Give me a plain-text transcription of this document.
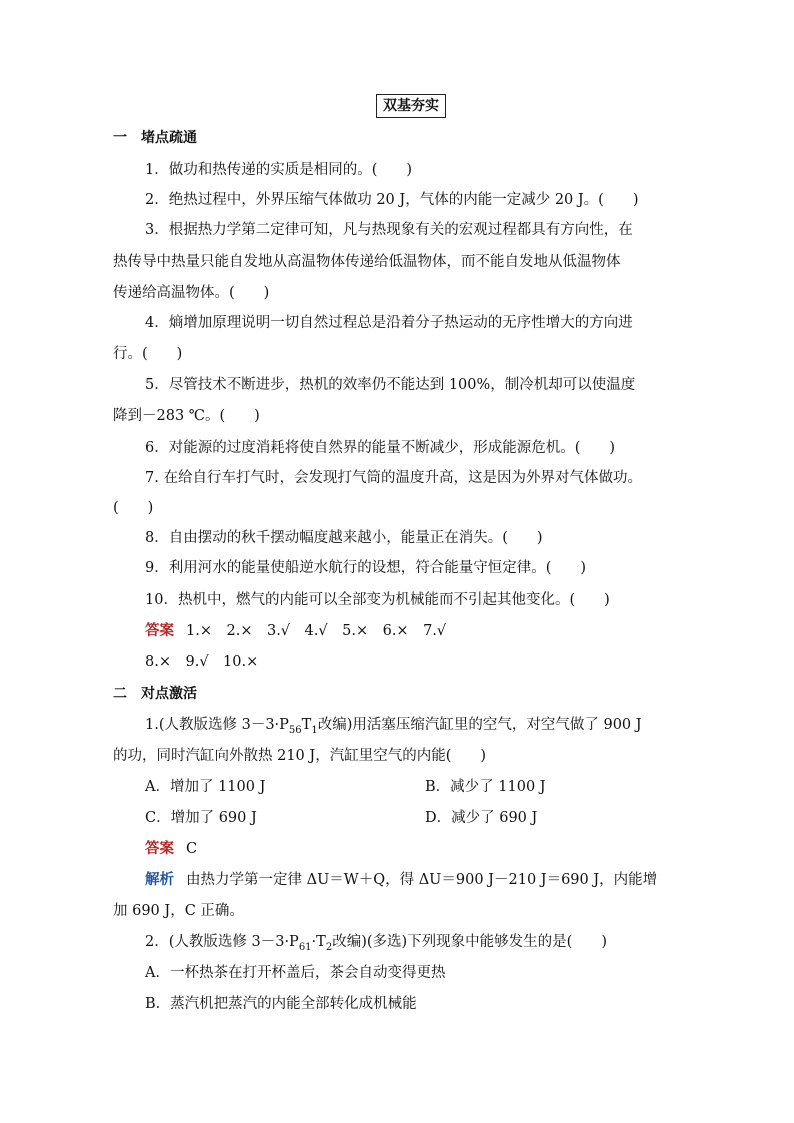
双基夯实
一　堵点疏通
1．做功和热传递的实质是相同的。(　　)
2．绝热过程中，外界压缩气体做功 20 J，气体的内能一定减少 20 J。(　　)
3．根据热力学第二定律可知，凡与热现象有关的宏观过程都具有方向性，在
热传导中热量只能自发地从高温物体传递给低温物体，而不能自发地从低温物体
传递给高温物体。(　　)
4．熵增加原理说明一切自然过程总是沿着分子热运动的无序性增大的方向进
行。(　　)
5．尽管技术不断进步，热机的效率仍不能达到 100%，制冷机却可以使温度
降到－283 ℃。(　　)
6．对能源的过度消耗将使自然界的能量不断减少，形成能源危机。(　　)
7. 在给自行车打气时，会发现打气筒的温度升高，这是因为外界对气体做功。
(　　)
8．自由摆动的秋千摆动幅度越来越小，能量正在消失。(　　)
9．利用河水的能量使船逆水航行的设想，符合能量守恒定律。(　　)
10．热机中，燃气的内能可以全部变为机械能而不引起其他变化。(　　)
答案 1.×　2.×　3.√　4.√　5.×　6.×　7.√
8.×　9.√　10.×
二　对点激活
1.(人教版选修 $3-3\cdot P_{56}T_1$改编)用活塞压缩汽缸里的空气，对空气做了 900 J
的功，同时汽缸向外散热 210 J，汽缸里空气的内能(　　)
A．增加了 1100 J	B．减少了 1100 J
C．增加了 690 J	D．减少了 690 J
答案 C
解析 由热力学第一定律 ΔU＝W＋Q，得 ΔU＝900 J－210 J＝690 J，内能增
加 690 J，C 正确。
2．(人教版选修 $3-3\cdot P_{61}\cdot T_2$改编)(多选)下列现象中能够发生的是(　　)
A．一杯热茶在打开杯盖后，茶会自动变得更热
B．蒸汽机把蒸汽的内能全部转化成机械能
